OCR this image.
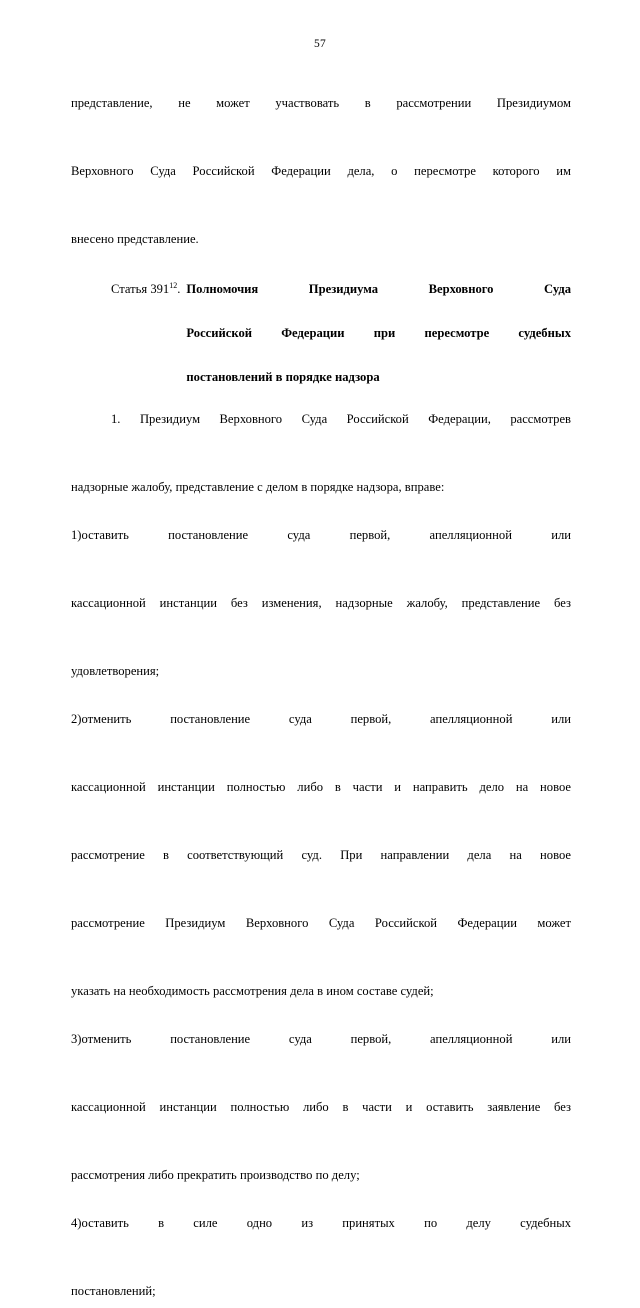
57

представление, не может участвовать в рассмотрении Президиумом
Верховного Суда Российской Федерации дела, о пересмотре которого им
внесено представление.

Статья $391^{12}$. Полномочия Президиума Верховного Суда
Российской Федерации при пересмотре судебных
постановлений в порядке надзора

1. Президиум Верховного Суда Российской Федерации, рассмотрев
надзорные жалобу, представление с делом в порядке надзора, вправе:

1)оставить постановление суда первой, апелляционной или
кассационной инстанции без изменения, надзорные жалобу, представление без
удовлетворения;

2)отменить постановление суда первой, апелляционной или
кассационной инстанции полностью либо в части и направить дело на новое
рассмотрение в соответствующий суд. При направлении дела на новое
рассмотрение Президиум Верховного Суда Российской Федерации может
указать на необходимость рассмотрения дела в ином составе судей;

3)отменить постановление суда первой, апелляционной или
кассационной инстанции полностью либо в части и оставить заявление без
рассмотрения либо прекратить производство по делу;

4)оставить в силе одно из принятых по делу судебных
постановлений;
